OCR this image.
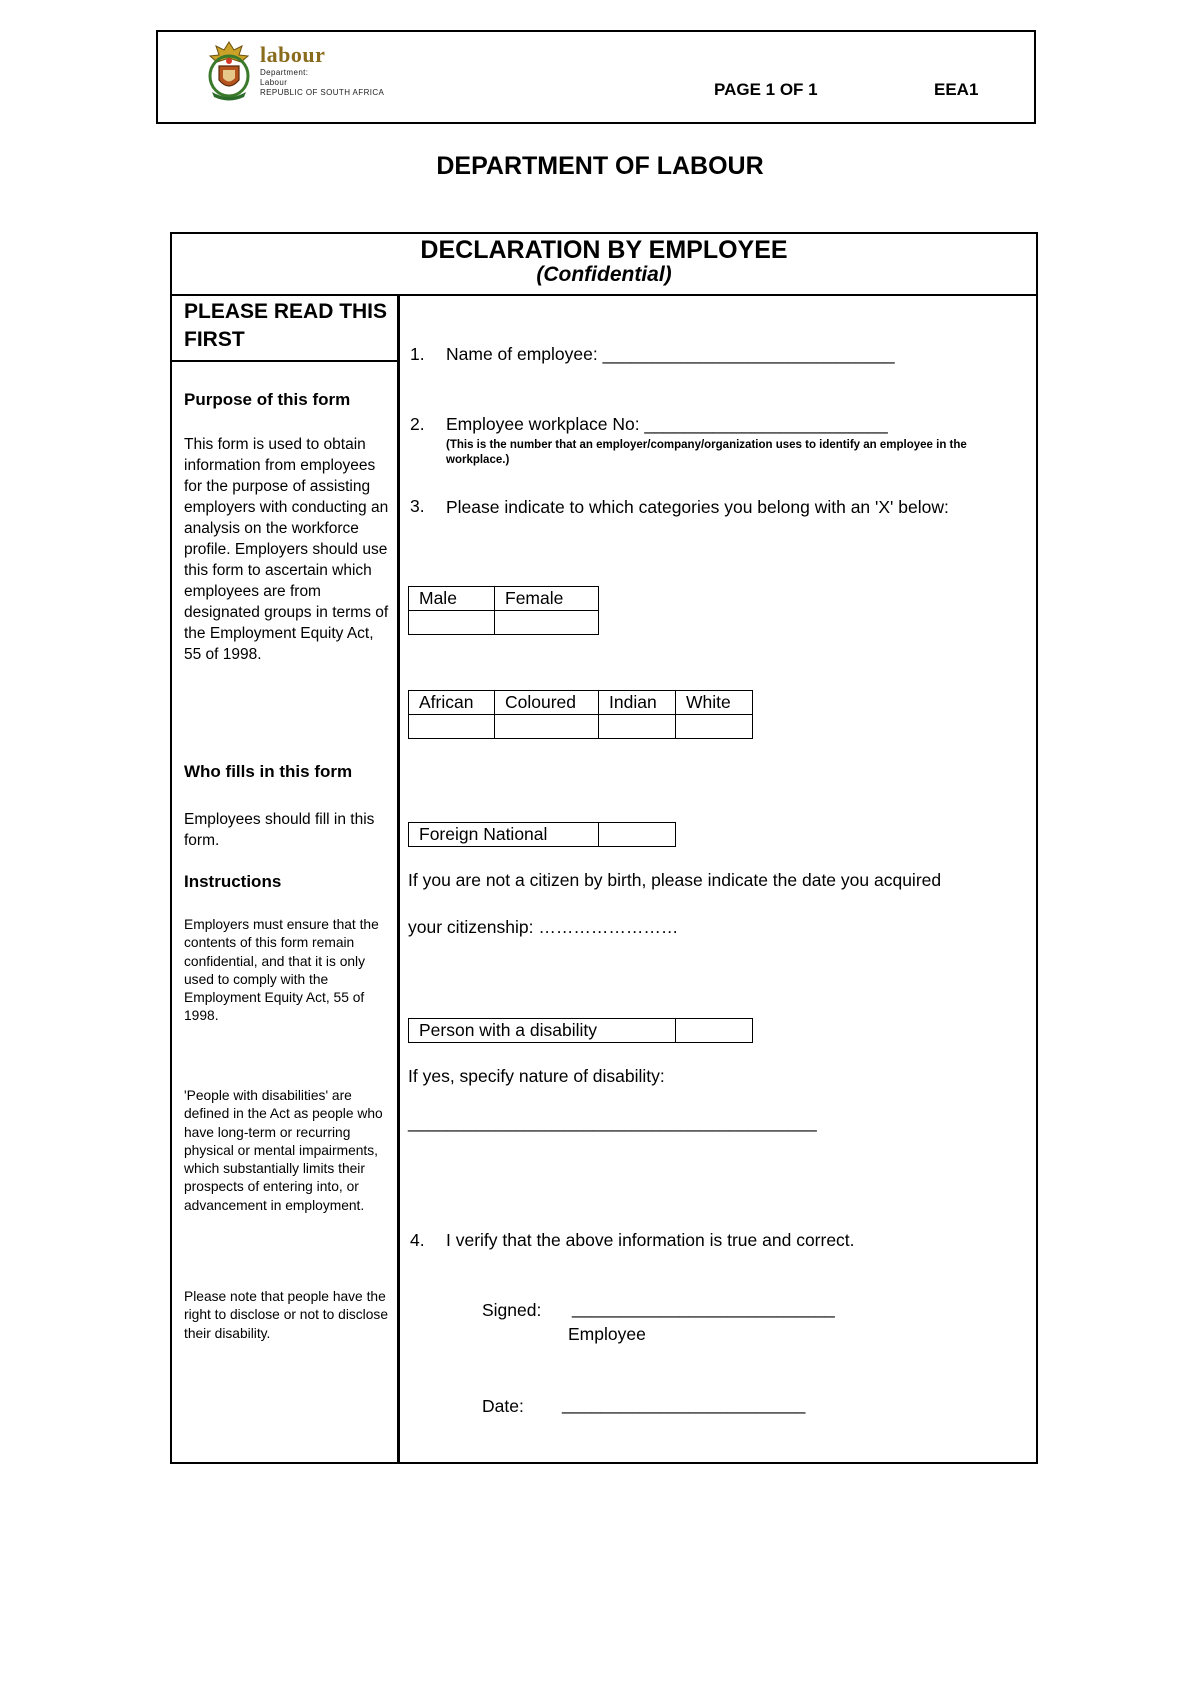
labour
Department:
Labour
REPUBLIC OF SOUTH AFRICA	PAGE 1 OF 1	EEA1
DEPARTMENT OF LABOUR
DECLARATION BY EMPLOYEE
(Confidential)
PLEASE READ THIS FIRST
Purpose of this form
This form is used to obtain information from employees for the purpose of assisting employers with conducting an analysis on the workforce profile. Employers should use this form to ascertain which employees are from designated groups in terms of the Employment Equity Act, 55 of 1998.
Who fills in this form
Employees should fill in this form.
Instructions
Employers must ensure that the contents of this form remain confidential, and that it is only used to comply with the Employment Equity Act, 55 of 1998.
'People with disabilities' are defined in the Act as people who have long-term or recurring physical or mental impairments, which substantially limits their prospects of entering into, or advancement in employment.
Please note that people have the right to disclose or not to disclose their disability.
1. Name of employee: ______________________________
2. Employee workplace No: _________________________
(This is the number that an employer/company/organization uses to identify an employee in the workplace.)
3. Please indicate to which categories you belong with an 'X' below:
Male	Female

African	Coloured	Indian	White

Foreign National	
If you are not a citizen by birth, please indicate the date you acquired
your citizenship: ……………………
Person with a disability	
If yes, specify nature of disability:
__________________________________________
4. I verify that the above information is true and correct.
Signed: ___________________________
Employee
Date: _________________________
